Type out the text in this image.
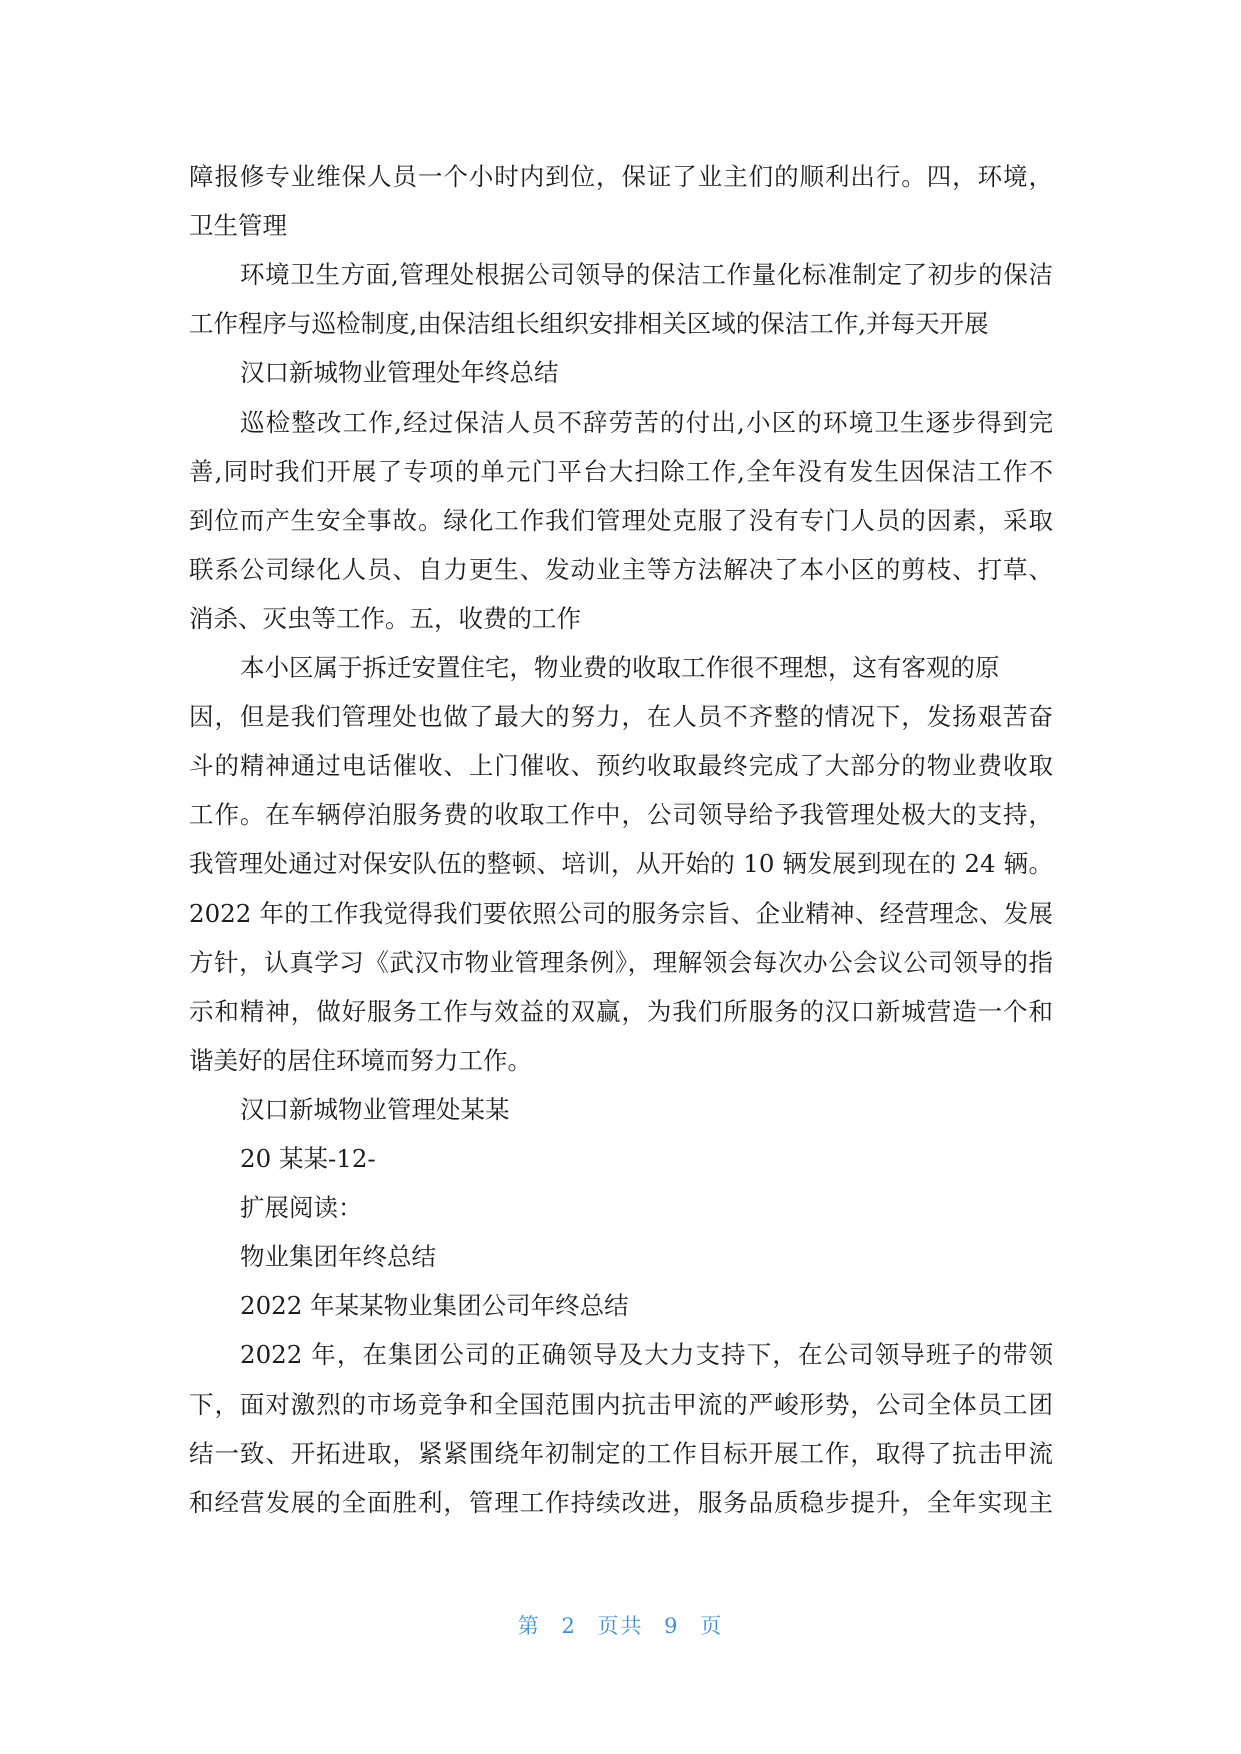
障报修专业维保人员一个小时内到位，保证了业主们的顺利出行。四，环境，
卫生管理
环境卫生方面,管理处根据公司领导的保洁工作量化标准制定了初步的保洁
工作程序与巡检制度,由保洁组长组织安排相关区域的保洁工作,并每天开展
汉口新城物业管理处年终总结
巡检整改工作,经过保洁人员不辞劳苦的付出,小区的环境卫生逐步得到完
善,同时我们开展了专项的单元门平台大扫除工作,全年没有发生因保洁工作不
到位而产生安全事故。绿化工作我们管理处克服了没有专门人员的因素，采取
联系公司绿化人员、自力更生、发动业主等方法解决了本小区的剪枝、打草、
消杀、灭虫等工作。五，收费的工作
本小区属于拆迁安置住宅，物业费的收取工作很不理想，这有客观的原
因，但是我们管理处也做了最大的努力，在人员不齐整的情况下，发扬艰苦奋
斗的精神通过电话催收、上门催收、预约收取最终完成了大部分的物业费收取
工作。在车辆停泊服务费的收取工作中，公司领导给予我管理处极大的支持，
我管理处通过对保安队伍的整顿、培训，从开始的 10 辆发展到现在的 24 辆。
2022 年的工作我觉得我们要依照公司的服务宗旨、企业精神、经营理念、发展
方针，认真学习《武汉市物业管理条例》，理解领会每次办公会议公司领导的指
示和精神，做好服务工作与效益的双赢，为我们所服务的汉口新城营造一个和
谐美好的居住环境而努力工作。
汉口新城物业管理处某某
20 某某-12-
扩展阅读：
物业集团年终总结
2022 年某某物业集团公司年终总结
2022 年，在集团公司的正确领导及大力支持下，在公司领导班子的带领
下，面对激烈的市场竞争和全国范围内抗击甲流的严峻形势，公司全体员工团
结一致、开拓进取，紧紧围绕年初制定的工作目标开展工作，取得了抗击甲流
和经营发展的全面胜利，管理工作持续改进，服务品质稳步提升，全年实现主
第 2 页共 9 页
